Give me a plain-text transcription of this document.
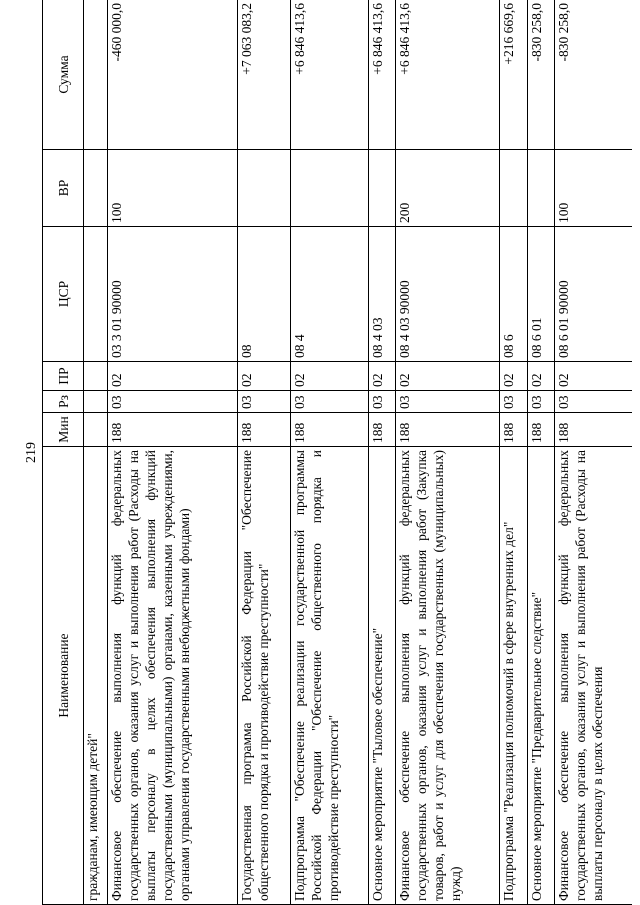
219
Наименование	Мин	Рз	ПР	ЦСР	ВР	Сумма
гражданам, имеющим детей"						
Финансовое обеспечение выполнения функций федеральных государственных органов, оказания услуг и выполнения работ (Расходы на выплаты персоналу в целях обеспечения выполнения функций государственными (муниципальными) органами, казенными учреждениями, органами управления государственными внебюджетными фондами)	188	03	02	03 3 01 90000	100	-460 000,0
Государственная программа Российской Федерации "Обеспечение общественного порядка и противодействие преступности"	188	03	02	08		+7 063 083,2
Подпрограмма "Обеспечение реализации государственной программы Российской Федерации "Обеспечение общественного порядка и противодействие преступности"	188	03	02	08 4		+6 846 413,6
Основное мероприятие "Тыловое обеспечение"	188	03	02	08 4 03		+6 846 413,6
Финансовое обеспечение выполнения функций федеральных государственных органов, оказания услуг и выполнения работ (Закупка товаров, работ и услуг для обеспечения государственных (муниципальных) нужд)	188	03	02	08 4 03 90000	200	+6 846 413,6
Подпрограмма "Реализация полномочий в сфере внутренних дел"	188	03	02	08 6		+216 669,6
Основное мероприятие "Предварительное следствие"	188	03	02	08 6 01		-830 258,0
Финансовое обеспечение выполнения функций федеральных государственных органов, оказания услуг и выполнения работ (Расходы на выплаты персоналу в целях обеспечения	188	03	02	08 6 01 90000	100	-830 258,0
